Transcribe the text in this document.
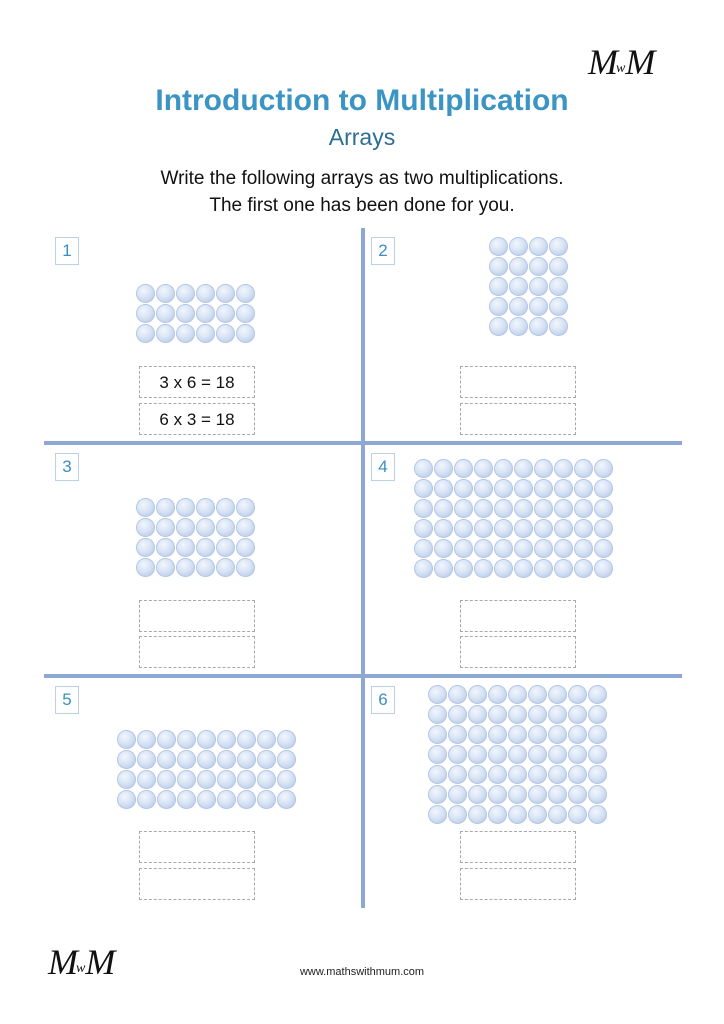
MwM
Introduction to Multiplication
Arrays
Write the following arrays as two multiplications.
The first one has been done for you.
1
3 x 6 = 18
6 x 3 = 18
2
3	4
5	6
MwM	www.mathswithmum.com
